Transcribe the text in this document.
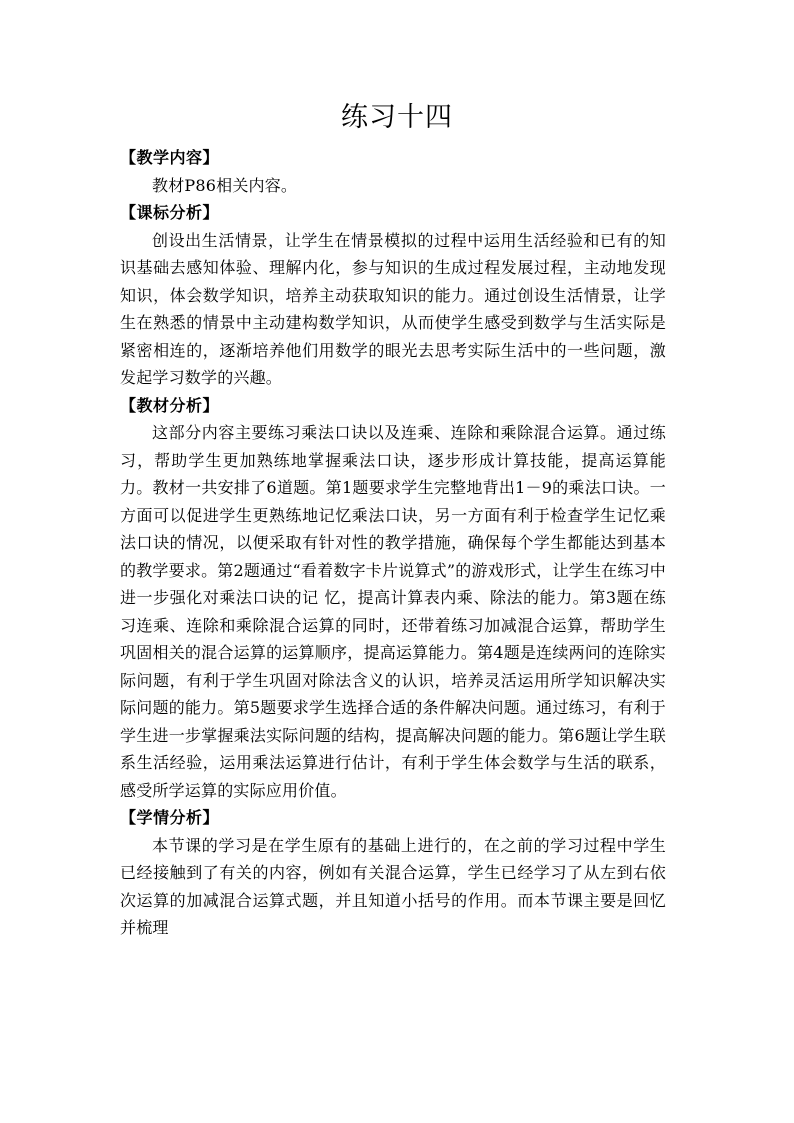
练习十四
【教学内容】
教材P86相关内容。
【课标分析】
创设出生活情景，让学生在情景模拟的过程中运用生活经验和已有的知识基础去感知体验、理解内化，参与知识的生成过程发展过程，主动地发现知识，体会数学知识，培养主动获取知识的能力。通过创设生活情景，让学生在熟悉的情景中主动建构数学知识，从而使学生感受到数学与生活实际是紧密相连的，逐渐培养他们用数学的眼光去思考实际生活中的一些问题，激发起学习数学的兴趣。
【教材分析】
这部分内容主要练习乘法口诀以及连乘、连除和乘除混合运算。通过练习，帮助学生更加熟练地掌握乘法口诀，逐步形成计算技能，提高运算能力。教材一共安排了6道题。第1题要求学生完整地背出1－9的乘法口诀。一方面可以促进学生更熟练地记忆乘法口诀，另一方面有利于检查学生记忆乘法口诀的情况，以便采取有针对性的教学措施，确保每个学生都能达到基本的教学要求。第2题通过“看着数字卡片说算式”的游戏形式，让学生在练习中进一步强化对乘法口诀的记 忆，提高计算表内乘、除法的能力。第3题在练习连乘、连除和乘除混合运算的同时，还带着练习加减混合运算，帮助学生巩固相关的混合运算的运算顺序，提高运算能力。第4题是连续两问的连除实际问题，有利于学生巩固对除法含义的认识，培养灵活运用所学知识解决实际问题的能力。第5题要求学生选择合适的条件解决问题。通过练习，有利于学生进一步掌握乘法实际问题的结构，提高解决问题的能力。第6题让学生联系生活经验，运用乘法运算进行估计，有利于学生体会数学与生活的联系，感受所学运算的实际应用价值。
【学情分析】
本节课的学习是在学生原有的基础上进行的，在之前的学习过程中学生已经接触到了有关的内容，例如有关混合运算，学生已经学习了从左到右依次运算的加减混合运算式题，并且知道小括号的作用。而本节课主要是回忆并梳理
